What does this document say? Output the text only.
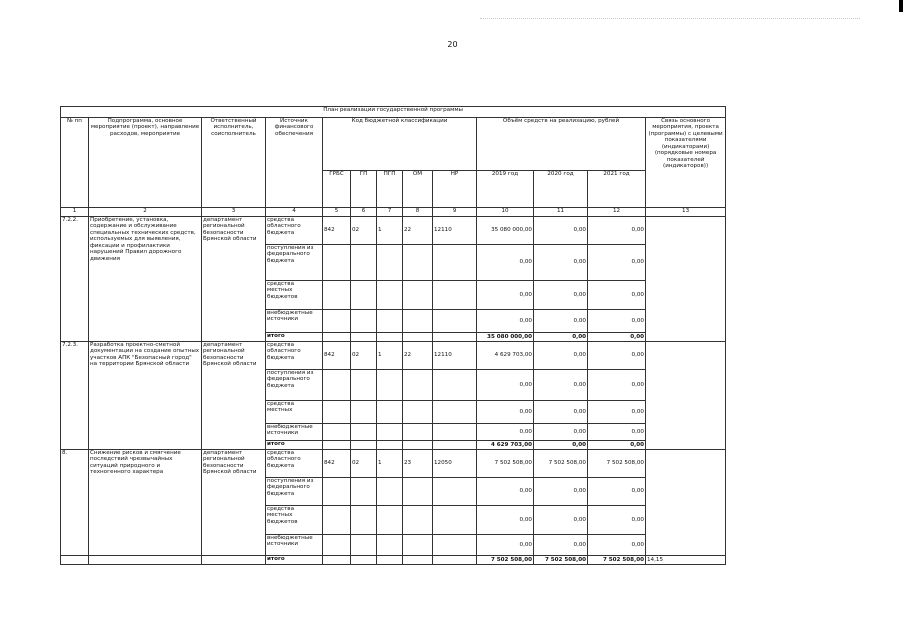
20
План реализации государственной программы												
№ пп	Подпрограмма, основное мероприятие (проект), направление расходов, мероприятие	Ответственный исполнитель, соисполнитель	Источник финансового обеспечения	Код бюджетной классификации					Объём средств на реализацию, рублей			Связь основного мероприятия, проекта (программы) с целевыми показателями (индикаторами) (порядковые номера показателей (индикаторов))
				ГРБС	ГП	ПГП	ОМ	НР	2019 год	2020 год	2021 год	
1	2	3	4	5	6	7	8	9	10	11	12	13
7.2.2.	Приобретение, установка, содержание и обслуживание специальных технических средств, используемых для выявления, фиксации и профилактики нарушений Правил дорожного движения	департамент региональной безопасности Брянской области	средства областного бюджета	842	02	1	22	12110	35 080 000,00	0,00	0,00	
			поступления из федерального бюджета						0,00	0,00	0,00	
			средства местных бюджетов						0,00	0,00	0,00	
			внебюджетные источники						0,00	0,00	0,00	
			итого						35 080 000,00	0,00	0,00	
7.2.3.	Разработка проектно-сметной документации на создание опытных участков АПК "Безопасный город" на территории Брянской области	департамент региональной безопасности Брянской области	средства областного бюджета	842	02	1	22	12110	4 629 703,00	0,00	0,00	
			поступления из федерального бюджета						0,00	0,00	0,00	
			средства местных						0,00	0,00	0,00	
			внебюджетные источники						0,00	0,00	0,00	
			итого						4 629 703,00	0,00	0,00	
8.	Снижение рисков и смягчение последствий чрезвычайных ситуаций природного и техногенного характера	департамент региональной безопасности Брянской области	средства областного бюджета	842	02	1	23	12050	7 502 508,00	7 502 508,00	7 502 508,00	
			поступления из федерального бюджета						0,00	0,00	0,00	
			средства местных бюджетов						0,00	0,00	0,00	
			внебюджетные источники						0,00	0,00	0,00	
			итого						7 502 508,00	7 502 508,00	7 502 508,00	14,15
